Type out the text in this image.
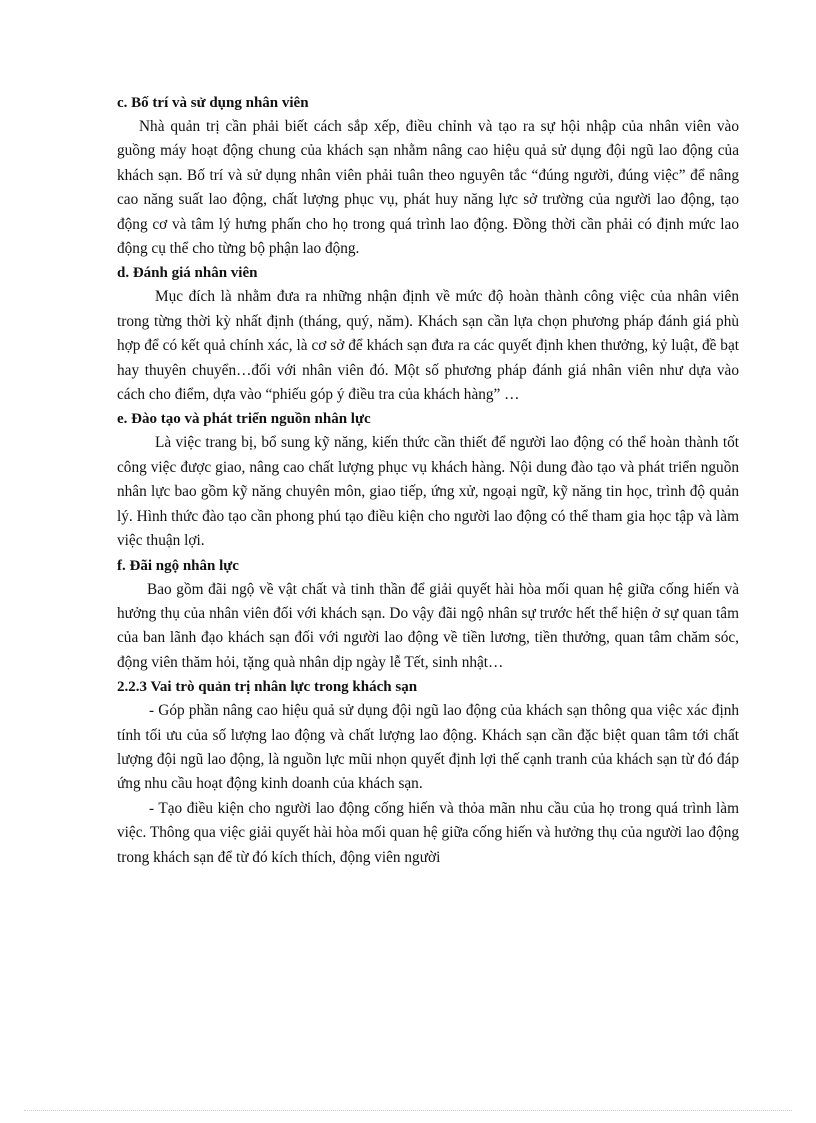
c. Bố trí và sử dụng nhân viên

Nhà quản trị cần phải biết cách sắp xếp, điều chỉnh và tạo ra sự hội nhập của nhân viên vào guồng máy hoạt động chung của khách sạn nhằm nâng cao hiệu quả sử dụng đội ngũ lao động của khách sạn. Bố trí và sử dụng nhân viên phải tuân theo nguyên tắc “đúng người, đúng việc” để nâng cao năng suất lao động, chất lượng phục vụ, phát huy năng lực sở trường của người lao động, tạo động cơ và tâm lý hưng phấn cho họ trong quá trình lao động. Đồng thời cần phải có định mức lao động cụ thể cho từng bộ phận lao động.

d. Đánh giá nhân viên

Mục đích là nhằm đưa ra những nhận định về mức độ hoàn thành công việc của nhân viên trong từng thời kỳ nhất định (tháng, quý, năm). Khách sạn cần lựa chọn phương pháp đánh giá phù hợp để có kết quả chính xác, là cơ sở để khách sạn đưa ra các quyết định khen thưởng, kỷ luật, đề bạt hay thuyên chuyển…đối với nhân viên đó. Một số phương pháp đánh giá nhân viên như dựa vào cách cho điểm, dựa vào “phiếu góp ý điều tra của khách hàng” …

e. Đào tạo và phát triển nguồn nhân lực

Là việc trang bị, bổ sung kỹ năng, kiến thức cần thiết để người lao động có thể hoàn thành tốt công việc được giao, nâng cao chất lượng phục vụ khách hàng. Nội dung đào tạo và phát triển nguồn nhân lực bao gồm kỹ năng chuyên môn, giao tiếp, ứng xử, ngoại ngữ, kỹ năng tin học, trình độ quản lý. Hình thức đào tạo cần phong phú tạo điều kiện cho người lao động có thể tham gia học tập và làm việc thuận lợi.

f. Đãi ngộ nhân lực

Bao gồm đãi ngộ về vật chất và tinh thần để giải quyết hài hòa mối quan hệ giữa cống hiến và hưởng thụ của nhân viên đối với khách sạn. Do vậy đãi ngộ nhân sự trước hết thể hiện ở sự quan tâm của ban lãnh đạo khách sạn đối với người lao động về tiền lương, tiền thưởng, quan tâm chăm sóc, động viên thăm hỏi, tặng quà nhân dịp ngày lễ Tết, sinh nhật…

2.2.3 Vai trò quản trị nhân lực trong khách sạn

- Góp phần nâng cao hiệu quả sử dụng đội ngũ lao động của khách sạn thông qua việc xác định tính tối ưu của số lượng lao động và chất lượng lao động. Khách sạn cần đặc biệt quan tâm tới chất lượng đội ngũ lao động, là nguồn lực mũi nhọn quyết định lợi thế cạnh tranh của khách sạn từ đó đáp ứng nhu cầu hoạt động kinh doanh của khách sạn.

- Tạo điều kiện cho người lao động cống hiến và thỏa mãn nhu cầu của họ trong quá trình làm việc. Thông qua việc giải quyết hài hòa mối quan hệ giữa cống hiến và hưởng thụ của người lao động trong khách sạn để từ đó kích thích, động viên người
